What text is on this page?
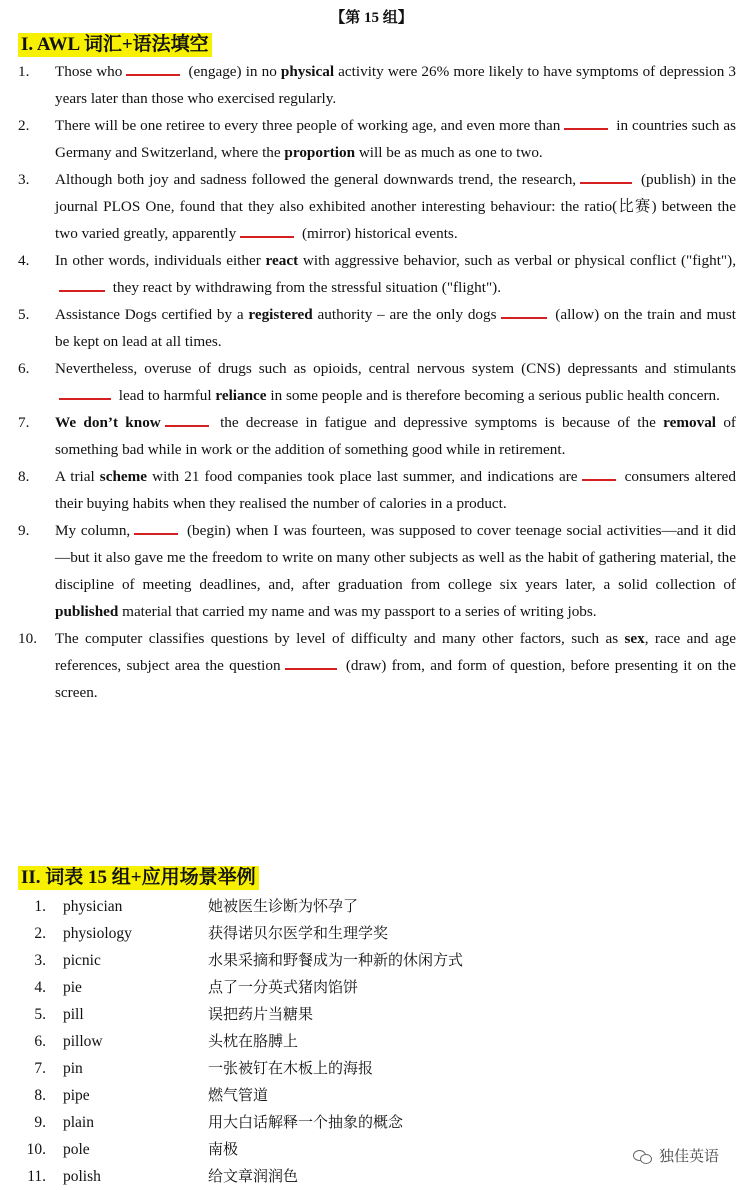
【第 15 组】
I. AWL 词汇+语法填空
1. Those who	(engage) in no physical activity were 26% more likely to have symptoms of depression 3 years later than those who exercised regularly.
2. There will be one retiree to every three people of working age, and even more than	in countries such as Germany and Switzerland, where the proportion will be as much as one to two.
3. Although both joy and sadness followed the general downwards trend, the research,	(publish) in the journal PLOS One, found that they also exhibited another interesting behaviour: the ratio(比赛) between the two varied greatly, apparently	(mirror) historical events.
4. In other words, individuals either react with aggressive behavior, such as verbal or physical conflict ("fight"), they react by withdrawing from the stressful situation ("flight").
5. Assistance Dogs certified by a registered authority – are the only dogs	(allow) on the train and must be kept on lead at all times.
6. Nevertheless, overuse of drugs such as opioids, central nervous system (CNS) depressants and stimulants lead to harmful reliance in some people and is therefore becoming a serious public health concern.
7. We don’t know	the decrease in fatigue and depressive symptoms is because of the removal of something bad while in work or the addition of something good while in retirement.
8. A trial scheme with 21 food companies took place last summer, and indications are	consumers altered their buying habits when they realised the number of calories in a product.
9. My column,	(begin) when I was fourteen, was supposed to cover teenage social activities—and it did—but it also gave me the freedom to write on many other subjects as well as the habit of gathering material, the discipline of meeting deadlines, and, after graduation from college six years later, a solid collection of published material that carried my name and was my passport to a series of writing jobs.
10. The computer classifies questions by level of difficulty and many other factors, such as sex, race and age references, subject area the question	(draw) from, and form of question, before presenting it on the screen.
II. 词表 15 组+应用场景举例
1. physician	她被医生诊断为怀孕了
2. physiology	获得诺贝尔医学和生理学奖
3. picnic	水果采摘和野餐成为一种新的休闲方式
4. pie	点了一分英式猪肉馅饼
5. pill	误把药片当糖果
6. pillow	头枕在胳膊上
7. pin	一张被钉在木板上的海报
8. pipe	燃气管道
9. plain	用大白话解释一个抽象的概念
10. pole	南极
11. polish	给文章润润色
独佳英语
